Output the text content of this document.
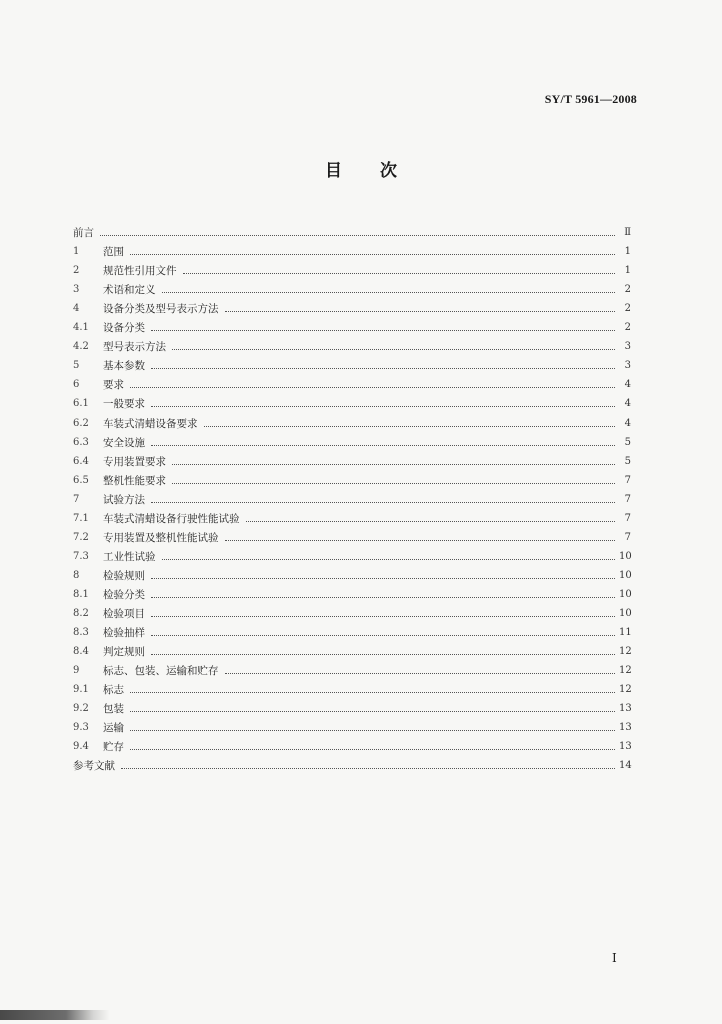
SY/T 5961—2008
目 次
前言	Ⅱ
1	范围	1
2	规范性引用文件	1
3	术语和定义	2
4	设备分类及型号表示方法	2
4.1	设备分类	2
4.2	型号表示方法	3
5	基本参数	3
6	要求	4
6.1	一般要求	4
6.2	车装式清蜡设备要求	4
6.3	安全设施	5
6.4	专用装置要求	5
6.5	整机性能要求	7
7	试验方法	7
7.1	车装式清蜡设备行驶性能试验	7
7.2	专用装置及整机性能试验	7
7.3	工业性试验	10
8	检验规则	10
8.1	检验分类	10
8.2	检验项目	10
8.3	检验抽样	11
8.4	判定规则	12
9	标志、包装、运输和贮存	12
9.1	标志	12
9.2	包装	13
9.3	运输	13
9.4	贮存	13
参考文献	14
I
